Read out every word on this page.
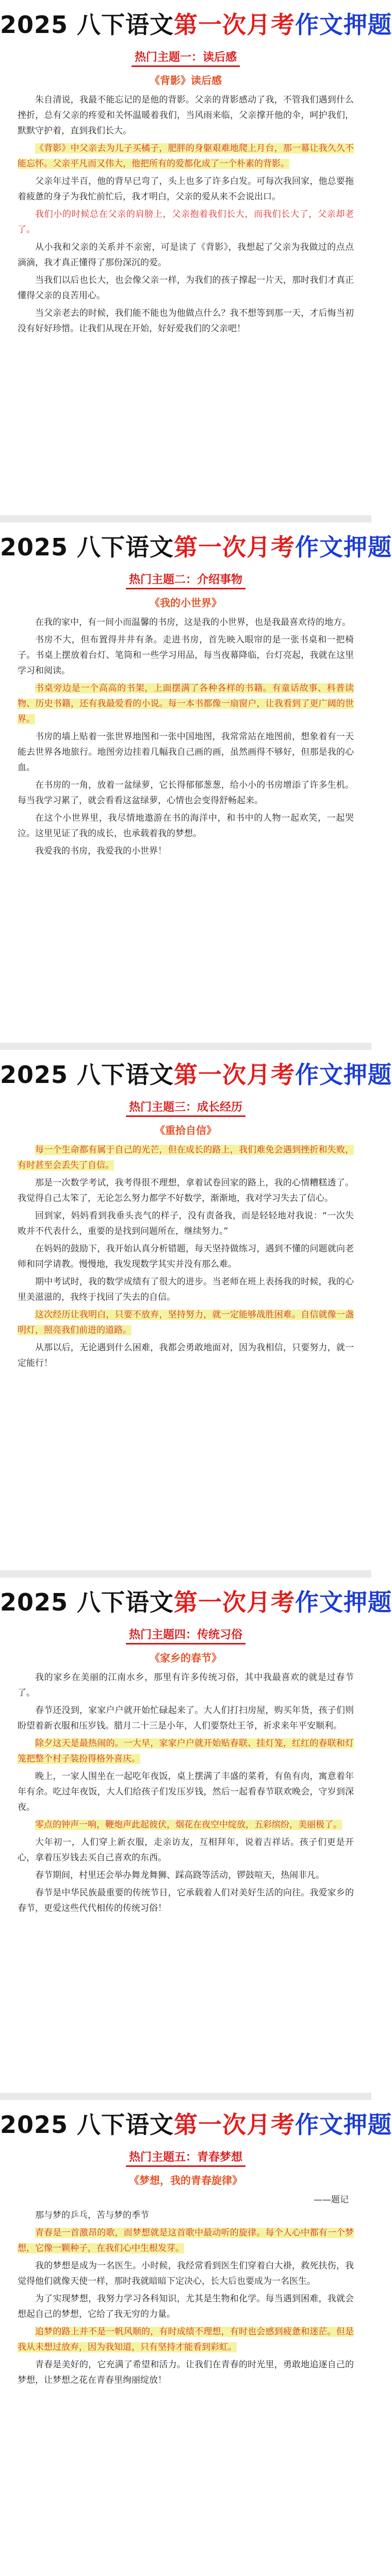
2025 八下语文第一次月考作文押题
热门主题一：读后感
《背影》读后感

朱自清说，我最不能忘记的是他的背影。父亲的背影感动了我，不管我们遇到什么挫折，总有父亲的疼爱和关怀温暖着我们，当风雨来临，父亲撑开他的伞，呵护我们，默默守护着，直到我们长大。

《背影》中父亲去为儿子买橘子，肥胖的身躯艰难地爬上月台，那一幕让我久久不能忘怀。父亲平凡而又伟大，他把所有的爱都化成了一个朴素的背影。

父亲年过半百，他的背早已弯了，头上也多了许多白发。可每次我回家，他总要拖着疲惫的身子为我忙前忙后，我才明白，父亲的爱从来不会说出口。

我们小的时候总在父亲的肩膀上，父亲抱着我们长大，而我们长大了，父亲却老了。

从小我和父亲的关系并不亲密，可是读了《背影》，我想起了父亲为我做过的点点滴滴，我才真正懂得了那份深沉的爱。

当我们以后也长大，也会像父亲一样，为我们的孩子撑起一片天，那时我们才真正懂得父亲的良苦用心。

当父亲老去的时候，我们能不能也为他做点什么？我不想等到那一天，才后悔当初没有好好珍惜。让我们从现在开始，好好爱我们的父亲吧！

2025 八下语文第一次月考作文押题
热门主题二：介绍事物
《我的小世界》

在我的家中，有一间小而温馨的书房，这是我的小世界，也是我最喜欢待的地方。

书房不大，但布置得井井有条。走进书房，首先映入眼帘的是一张书桌和一把椅子。书桌上摆放着台灯、笔筒和一些学习用品，每当夜幕降临，台灯亮起，我就在这里学习和阅读。

书桌旁边是一个高高的书架，上面摆满了各种各样的书籍。有童话故事、科普读物、历史书籍，还有我最爱看的小说。每一本书都像一扇窗户，让我看到了更广阔的世界。

书房的墙上贴着一张世界地图和一张中国地图，我常常站在地图前，想象着有一天能去世界各地旅行。地图旁边挂着几幅我自己画的画，虽然画得不够好，但那是我的心血。

在书房的一角，放着一盆绿萝，它长得郁郁葱葱，给小小的书房增添了许多生机。每当我学习累了，就会看看这盆绿萝，心情也会变得舒畅起来。

在这个小世界里，我尽情地遨游在书的海洋中，和书中的人物一起欢笑，一起哭泣。这里见证了我的成长，也承载着我的梦想。

我爱我的书房，我爱我的小世界！

2025 八下语文第一次月考作文押题
热门主题三：成长经历
《重拾自信》

每一个生命都有属于自己的光芒，但在成长的路上，我们难免会遇到挫折和失败，有时甚至会丢失了自信。

那是一次数学考试，我考得很不理想，拿着试卷回家的路上，我的心情糟糕透了。我觉得自己太笨了，无论怎么努力都学不好数学，渐渐地，我对学习失去了信心。

回到家，妈妈看到我垂头丧气的样子，没有责备我，而是轻轻地对我说：“一次失败并不代表什么，重要的是找到问题所在，继续努力。”

在妈妈的鼓励下，我开始认真分析错题，每天坚持做练习，遇到不懂的问题就向老师和同学请教。慢慢地，我发现数学其实并没有那么难。

期中考试时，我的数学成绩有了很大的进步。当老师在班上表扬我的时候，我的心里美滋滋的，我终于找回了失去的自信。

这次经历让我明白，只要不放弃，坚持努力，就一定能够战胜困难。自信就像一盏明灯，照亮我们前进的道路。

从那以后，无论遇到什么困难，我都会勇敢地面对，因为我相信，只要努力，就一定能行！

2025 八下语文第一次月考作文押题
热门主题四：传统习俗
《家乡的春节》

我的家乡在美丽的江南水乡，那里有许多传统习俗，其中我最喜欢的就是过春节了。

春节还没到，家家户户就开始忙碌起来了。大人们打扫房屋，购买年货，孩子们则盼望着新衣服和压岁钱。腊月二十三是小年，人们要祭灶王爷，祈求来年平安顺利。

除夕这天是最热闹的。一大早，家家户户就开始贴春联、挂灯笼，红红的春联和灯笼把整个村子装扮得格外喜庆。

晚上，一家人围坐在一起吃年夜饭，桌上摆满了丰盛的菜肴，有鱼有肉，寓意着年年有余。吃过年夜饭，大人们给孩子们发压岁钱，然后一起看春节联欢晚会，守岁到深夜。

零点的钟声一响，鞭炮声此起彼伏，烟花在夜空中绽放，五彩缤纷，美丽极了。

大年初一，人们穿上新衣服，走亲访友，互相拜年，说着吉祥话。孩子们更是开心，拿着压岁钱去买自己喜欢的东西。

春节期间，村里还会举办舞龙舞狮、踩高跷等活动，锣鼓喧天，热闹非凡。

春节是中华民族最重要的传统节日，它承载着人们对美好生活的向往。我爱家乡的春节，更爱这些代代相传的传统习俗！

2025 八下语文第一次月考作文押题
热门主题五：青春梦想
《梦想，我的青春旋律》

——题记

那与梦的乒乓，苦与梦的季节

青春是一首激昂的歌，而梦想就是这首歌中最动听的旋律。每个人心中都有一个梦想，它像一颗种子，在我们心中生根发芽。

我的梦想是成为一名医生。小时候，我经常看到医生们穿着白大褂，救死扶伤，我觉得他们就像天使一样，那时我就暗暗下定决心，长大后也要成为一名医生。

为了实现梦想，我努力学习各科知识，尤其是生物和化学。每当遇到困难，我就会想起自己的梦想，它给了我无穷的力量。

追梦的路上并不是一帆风顺的，有时成绩不理想，有时也会感到疲惫和迷茫。但是我从未想过放弃，因为我知道，只有坚持才能看到彩虹。

青春是美好的，它充满了希望和活力。让我们在青春的时光里，勇敢地追逐自己的梦想，让梦想之花在青春里绚丽绽放！
